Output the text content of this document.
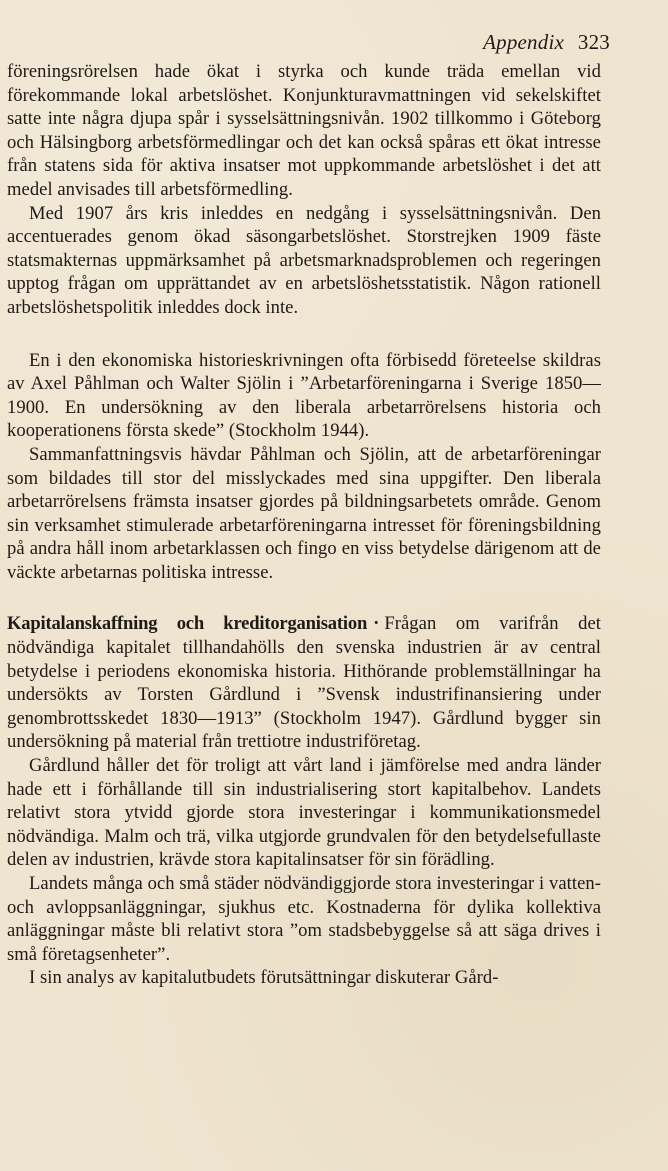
Appendix 323

föreningsrörelsen hade ökat i styrka och kunde träda emellan vid förekommande lokal arbetslöshet. Konjunkturavmattningen vid sekelskiftet satte inte några djupa spår i sysselsättningsnivån. 1902 tillkommo i Göteborg och Hälsingborg arbetsförmedlingar och det kan också spåras ett ökat intresse från statens sida för aktiva insatser mot uppkommande arbetslöshet i det att medel anvisades till arbetsförmedling.

Med 1907 års kris inleddes en nedgång i sysselsättningsnivån. Den accentuerades genom ökad säsongarbetslöshet. Storstrejken 1909 fäste statsmakternas uppmärksamhet på arbetsmarknadsproblemen och regeringen upptog frågan om upprättandet av en arbetslöshetsstatistik. Någon rationell arbetslöshetspolitik inleddes dock inte.

En i den ekonomiska historieskrivningen ofta förbisedd företeelse skildras av Axel Påhlman och Walter Sjölin i ”Arbetarföreningarna i Sverige 1850—1900. En undersökning av den liberala arbetarrörelsens historia och kooperationens första skede” (Stockholm 1944).

Sammanfattningsvis hävdar Påhlman och Sjölin, att de arbetarföreningar som bildades till stor del misslyckades med sina uppgifter. Den liberala arbetarrörelsens främsta insatser gjordes på bildningsarbetets område. Genom sin verksamhet stimulerade arbetarföreningarna intresset för föreningsbildning på andra håll inom arbetarklassen och fingo en viss betydelse därigenom att de väckte arbetarnas politiska intresse.

Kapitalanskaffning och kreditorganisation · Frågan om varifrån det nödvändiga kapitalet tillhandahölls den svenska industrien är av central betydelse i periodens ekonomiska historia. Hithörande problemställningar ha undersökts av Torsten Gårdlund i ”Svensk industrifinansiering under genombrottsskedet 1830—1913” (Stockholm 1947). Gårdlund bygger sin undersökning på material från trettiotre industriföretag.

Gårdlund håller det för troligt att vårt land i jämförelse med andra länder hade ett i förhållande till sin industrialisering stort kapitalbehov. Landets relativt stora ytvidd gjorde stora investeringar i kommunikationsmedel nödvändiga. Malm och trä, vilka utgjorde grundvalen för den betydelsefullaste delen av industrien, krävde stora kapitalinsatser för sin förädling.

Landets många och små städer nödvändiggjorde stora investeringar i vatten- och avloppsanläggningar, sjukhus etc. Kostnaderna för dylika kollektiva anläggningar måste bli relativt stora ”om stadsbebyggelse så att säga drives i små företagsenheter”.

I sin analys av kapitalutbudets förutsättningar diskuterar Gård-
